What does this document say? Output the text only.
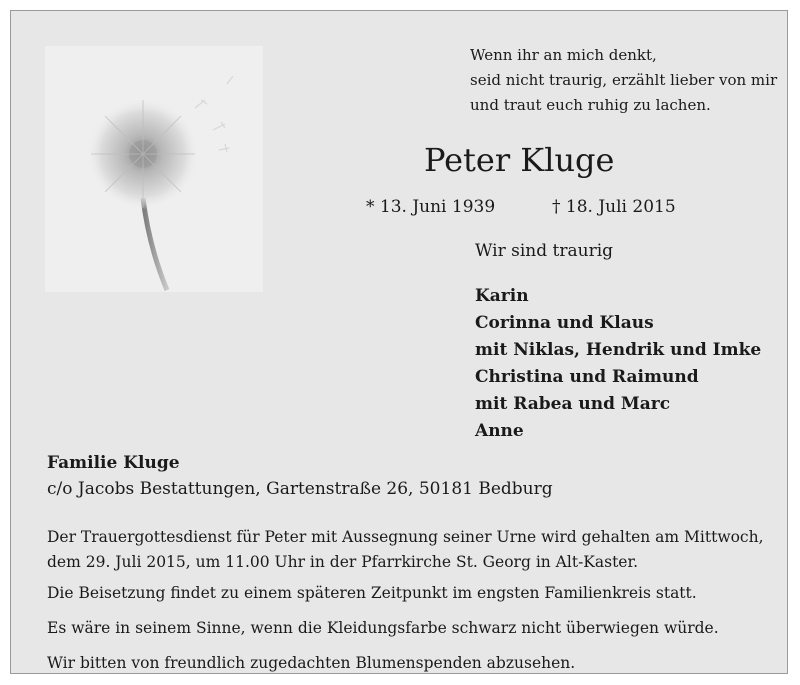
Wenn ihr an mich denkt,
seid nicht traurig, erzählt lieber von mir
und traut euch ruhig zu lachen.
Peter Kluge
* 13. Juni 1939	† 18. Juli 2015
Wir sind traurig
Karin
Corinna und Klaus
mit Niklas, Hendrik und Imke
Christina und Raimund
mit Rabea und Marc
Anne
Familie Kluge
c/o Jacobs Bestattungen, Gartenstraße 26, 50181 Bedburg
Der Trauergottesdienst für Peter mit Aussegnung seiner Urne wird gehalten am Mittwoch,
dem 29. Juli 2015, um 11.00 Uhr in der Pfarrkirche St. Georg in Alt-Kaster.
Die Beisetzung findet zu einem späteren Zeitpunkt im engsten Familienkreis statt.
Es wäre in seinem Sinne, wenn die Kleidungsfarbe schwarz nicht überwiegen würde.
Wir bitten von freundlich zugedachten Blumenspenden abzusehen.
